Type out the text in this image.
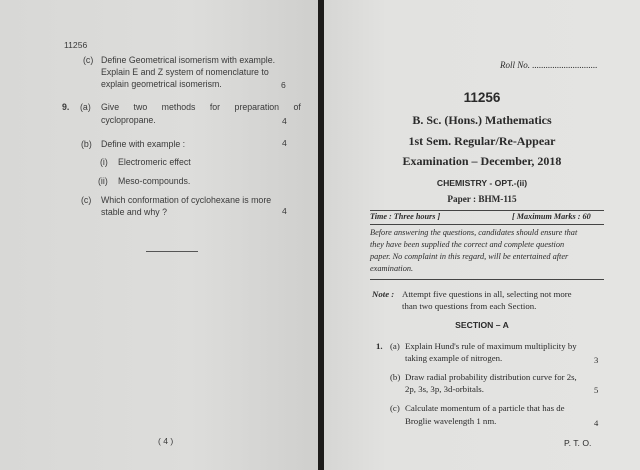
11256
(c) Define Geometrical isomerism with example.
Explain E and Z system of nomenclature to
explain geometrical isomerism.	6
9. (a) Give two methods for preparation of
cyclopropane.	4
(b) Define with example :	4
(i) Electromeric effect
(ii) Meso-compounds.
(c) Which conformation of cyclohexane is more
stable and why ?	4
( 4 )
Roll No. .............................
11256
B. Sc. (Hons.) Mathematics
1st Sem. Regular/Re-Appear
Examination – December, 2018
CHEMISTRY - OPT.-(ii)
Paper : BHM-115
Time : Three hours ]	[ Maximum Marks : 60
Before answering the questions, candidates should ensure that
they have been supplied the correct and complete question
paper. No complaint in this regard, will be entertained after
examination.
Note : Attempt five questions in all, selecting not more
than two questions from each Section.
SECTION – A
1. (a) Explain Hund's rule of maximum multiplicity by
taking example of nitrogen.	3
(b) Draw radial probability distribution curve for 2s,
2p, 3s, 3p, 3d-orbitals.	5
(c) Calculate momentum of a particle that has de
Broglie wavelength 1 nm.	4
P. T. O.
